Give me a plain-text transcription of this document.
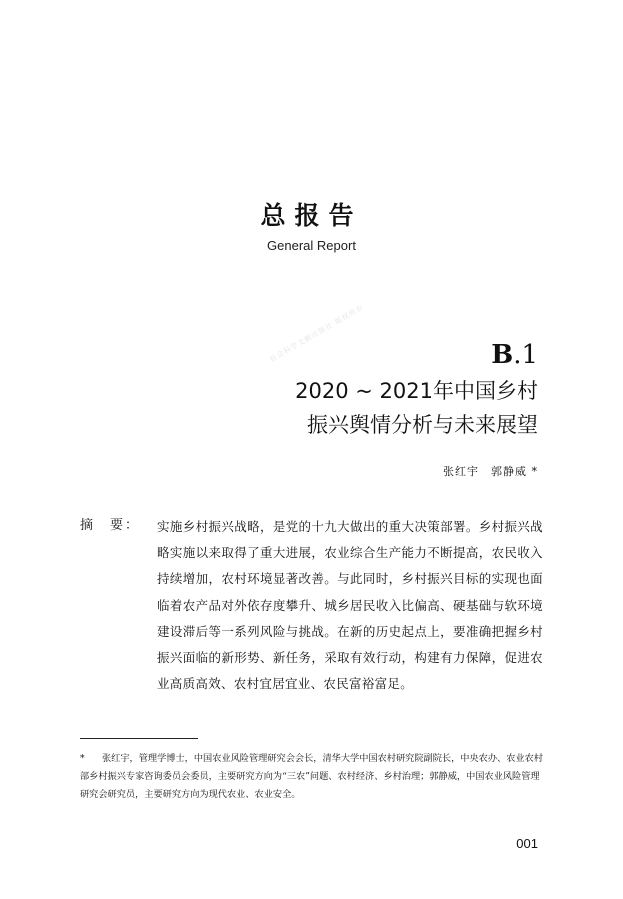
总报告
General Report
社会科学文献出版社 版权所有	B.1
2020 ~ 2021年中国乡村
振兴舆情分析与未来展望
张红宇　郭静威 *
摘　要： 实施乡村振兴战略，是党的十九大做出的重大决策部署。乡村振兴战略实施以来取得了重大进展，农业综合生产能力不断提高，农民收入持续增加，农村环境显著改善。与此同时，乡村振兴目标的实现也面临着农产品对外依存度攀升、城乡居民收入比偏高、硬基础与软环境建设滞后等一系列风险与挑战。在新的历史起点上，要准确把握乡村振兴面临的新形势、新任务，采取有效行动，构建有力保障，促进农业高质高效、农村宜居宜业、农民富裕富足。
* 张红宇，管理学博士，中国农业风险管理研究会会长，清华大学中国农村研究院副院长，中央农办、农业农村部乡村振兴专家咨询委员会委员，主要研究方向为“三农”问题、农村经济、乡村治理；郭静威，中国农业风险管理研究会研究员，主要研究方向为现代农业、农业安全。
001
